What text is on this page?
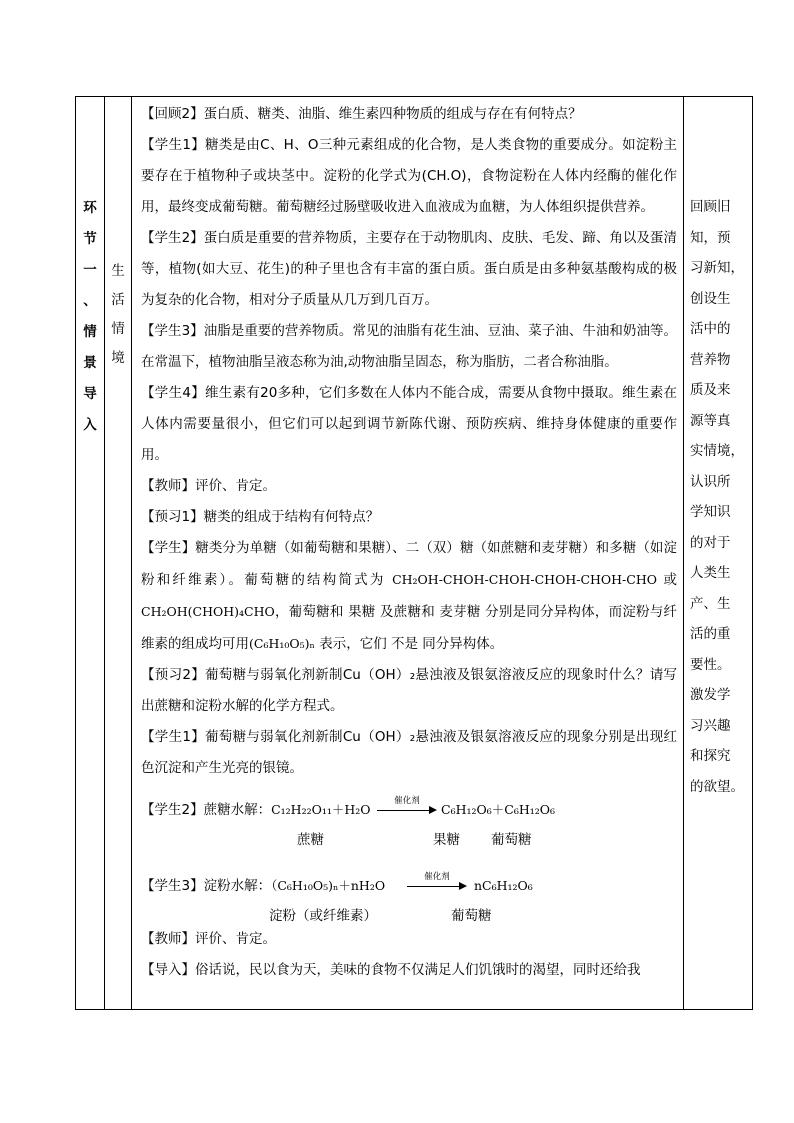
环
节
一
、
情
景
导
入

生
活
情
境

【回顾2】蛋白质、糖类、油脂、维生素四种物质的组成与存在有何特点？

【学生1】糖类是由C、H、O三种元素组成的化合物，是人类食物的重要成分。如淀粉主要存在于植物种子或块茎中。淀粉的化学式为(CH.O)，食物淀粉在人体内经酶的催化作用，最终变成葡萄糖。葡萄糖经过肠壁吸收进入血液成为血糖，为人体组织提供营养。

【学生2】蛋白质是重要的营养物质，主要存在于动物肌肉、皮肤、毛发、蹄、角以及蛋清等，植物(如大豆、花生)的种子里也含有丰富的蛋白质。蛋白质是由多种氨基酸构成的极为复杂的化合物，相对分子质量从几万到几百万。

【学生3】油脂是重要的营养物质。常见的油脂有花生油、豆油、菜子油、牛油和奶油等。在常温下，植物油脂呈液态称为油,动物油脂呈固态，称为脂肪，二者合称油脂。

【学生4】维生素有20多种，它们多数在人体内不能合成，需要从食物中摄取。维生素在人体内需要量很小，但它们可以起到调节新陈代谢、预防疾病、维持身体健康的重要作用。

【教师】评价、肯定。

【预习1】糖类的组成于结构有何特点？

【学生】糖类分为单糖（如葡萄糖和果糖）、二（双）糖（如蔗糖和麦芽糖）和多糖（如淀粉和纤维素）。葡萄糖的结构简式为 CH₂OH-CHOH-CHOH-CHOH-CHOH-CHO 或 CH₂OH(CHOH)₄CHO，葡萄糖和 果糖 及蔗糖和 麦芽糖 分别是同分异构体，而淀粉与纤维素的组成均可用(C₆H₁₀O₅)ₙ 表示，它们 不是 同分异构体。

【预习2】葡萄糖与弱氧化剂新制Cu（OH）₂悬浊液及银氨溶液反应的现象时什么？请写出蔗糖和淀粉水解的化学方程式。

【学生1】葡萄糖与弱氧化剂新制Cu（OH）₂悬浊液及银氨溶液反应的现象分别是出现红色沉淀和产生光亮的银镜。

【学生2】蔗糖水解：C₁₂H₂₂O₁₁＋H₂O
催化剂
C₆H₁₂O₆＋C₆H₁₂O₆
蔗糖	果糖 葡萄糖
【学生3】淀粉水解：（C₆H₁₀O₅)ₙ＋nH₂O
催化剂
nC₆H₁₂O₆
淀粉（或纤维素）	葡萄糖

【教师】评价、肯定。

【导入】俗话说，民以食为天，美味的食物不仅满足人们饥饿时的渴望，同时还给我

回顾旧
知，预
习新知，
创设生
活中的
营养物
质及来
源等真
实情境，
认识所
学知识
的对于
人类生
产、生
活的重
要性。
激发学
习兴趣
和探究
的欲望。
